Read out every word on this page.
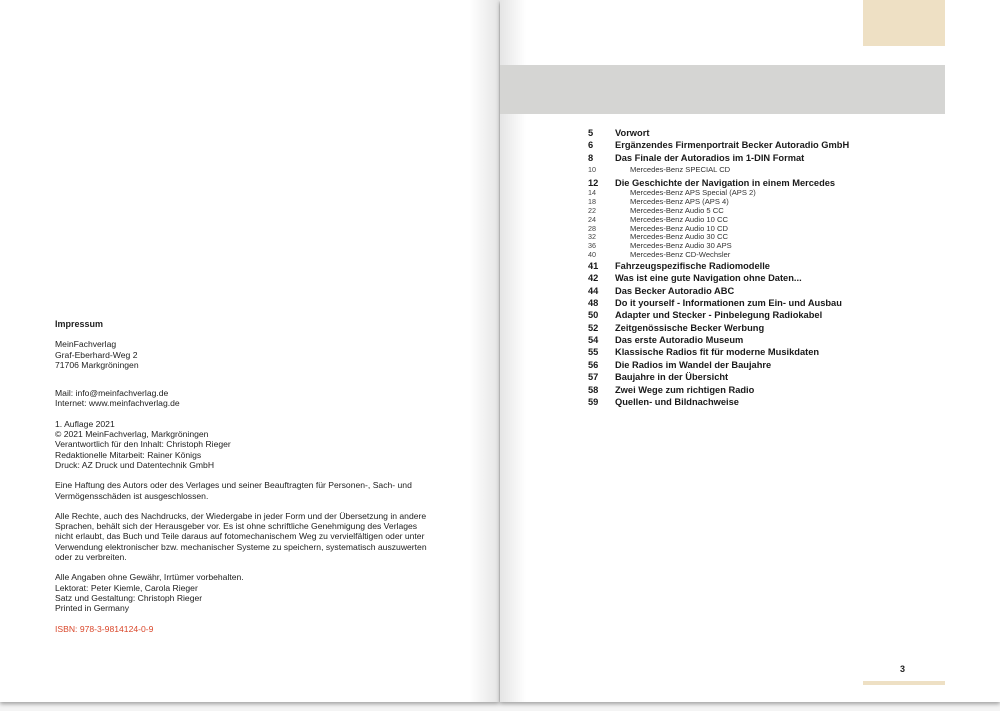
Impressum
MeinFachverlag
Graf-Eberhard-Weg 2
71706 Markgröningen
Mail: info@meinfachverlag.de
Internet: www.meinfachverlag.de
1. Auflage 2021
© 2021 MeinFachverlag, Markgröningen
Verantwortlich für den Inhalt: Christoph Rieger
Redaktionelle Mitarbeit: Rainer Königs
Druck: AZ Druck und Datentechnik GmbH
Eine Haftung des Autors oder des Verlages und seiner Beauftragten für Personen-, Sach- und
Vermögensschäden ist ausgeschlossen.
Alle Rechte, auch des Nachdrucks, der Wiedergabe in jeder Form und der Übersetzung in andere
Sprachen, behält sich der Herausgeber vor. Es ist ohne schriftliche Genehmigung des Verlages
nicht erlaubt, das Buch und Teile daraus auf fotomechanischem Weg zu vervielfältigen oder unter
Verwendung elektronischer bzw. mechanischer Systeme zu speichern, systematisch auszuwerten
oder zu verbreiten.
Alle Angaben ohne Gewähr, Irrtümer vorbehalten.
Lektorat: Peter Kiemle, Carola Rieger
Satz und Gestaltung: Christoph Rieger
Printed in Germany
ISBN: 978-3-9814124-0-9
5	Vorwort
6	Ergänzendes Firmenportrait Becker Autoradio GmbH
8	Das Finale der Autoradios im 1-DIN Format
10	Mercedes-Benz SPECIAL CD
12	Die Geschichte der Navigation in einem Mercedes
14	Mercedes-Benz APS Special (APS 2)
18	Mercedes-Benz APS (APS 4)
22	Mercedes-Benz Audio 5 CC
24	Mercedes-Benz Audio 10 CC
28	Mercedes-Benz Audio 10 CD
32	Mercedes-Benz Audio 30 CC
36	Mercedes-Benz Audio 30 APS
40	Mercedes-Benz CD-Wechsler
41	Fahrzeugspezifische Radiomodelle
42	Was ist eine gute Navigation ohne Daten...
44	Das Becker Autoradio ABC
48	Do it yourself - Informationen zum Ein- und Ausbau
50	Adapter und Stecker - Pinbelegung Radiokabel
52	Zeitgenössische Becker Werbung
54	Das erste Autoradio Museum
55	Klassische Radios fit für moderne Musikdaten
56	Die Radios im Wandel der Baujahre
57	Baujahre in der Übersicht
58	Zwei Wege zum richtigen Radio
59	Quellen- und Bildnachweise
3
